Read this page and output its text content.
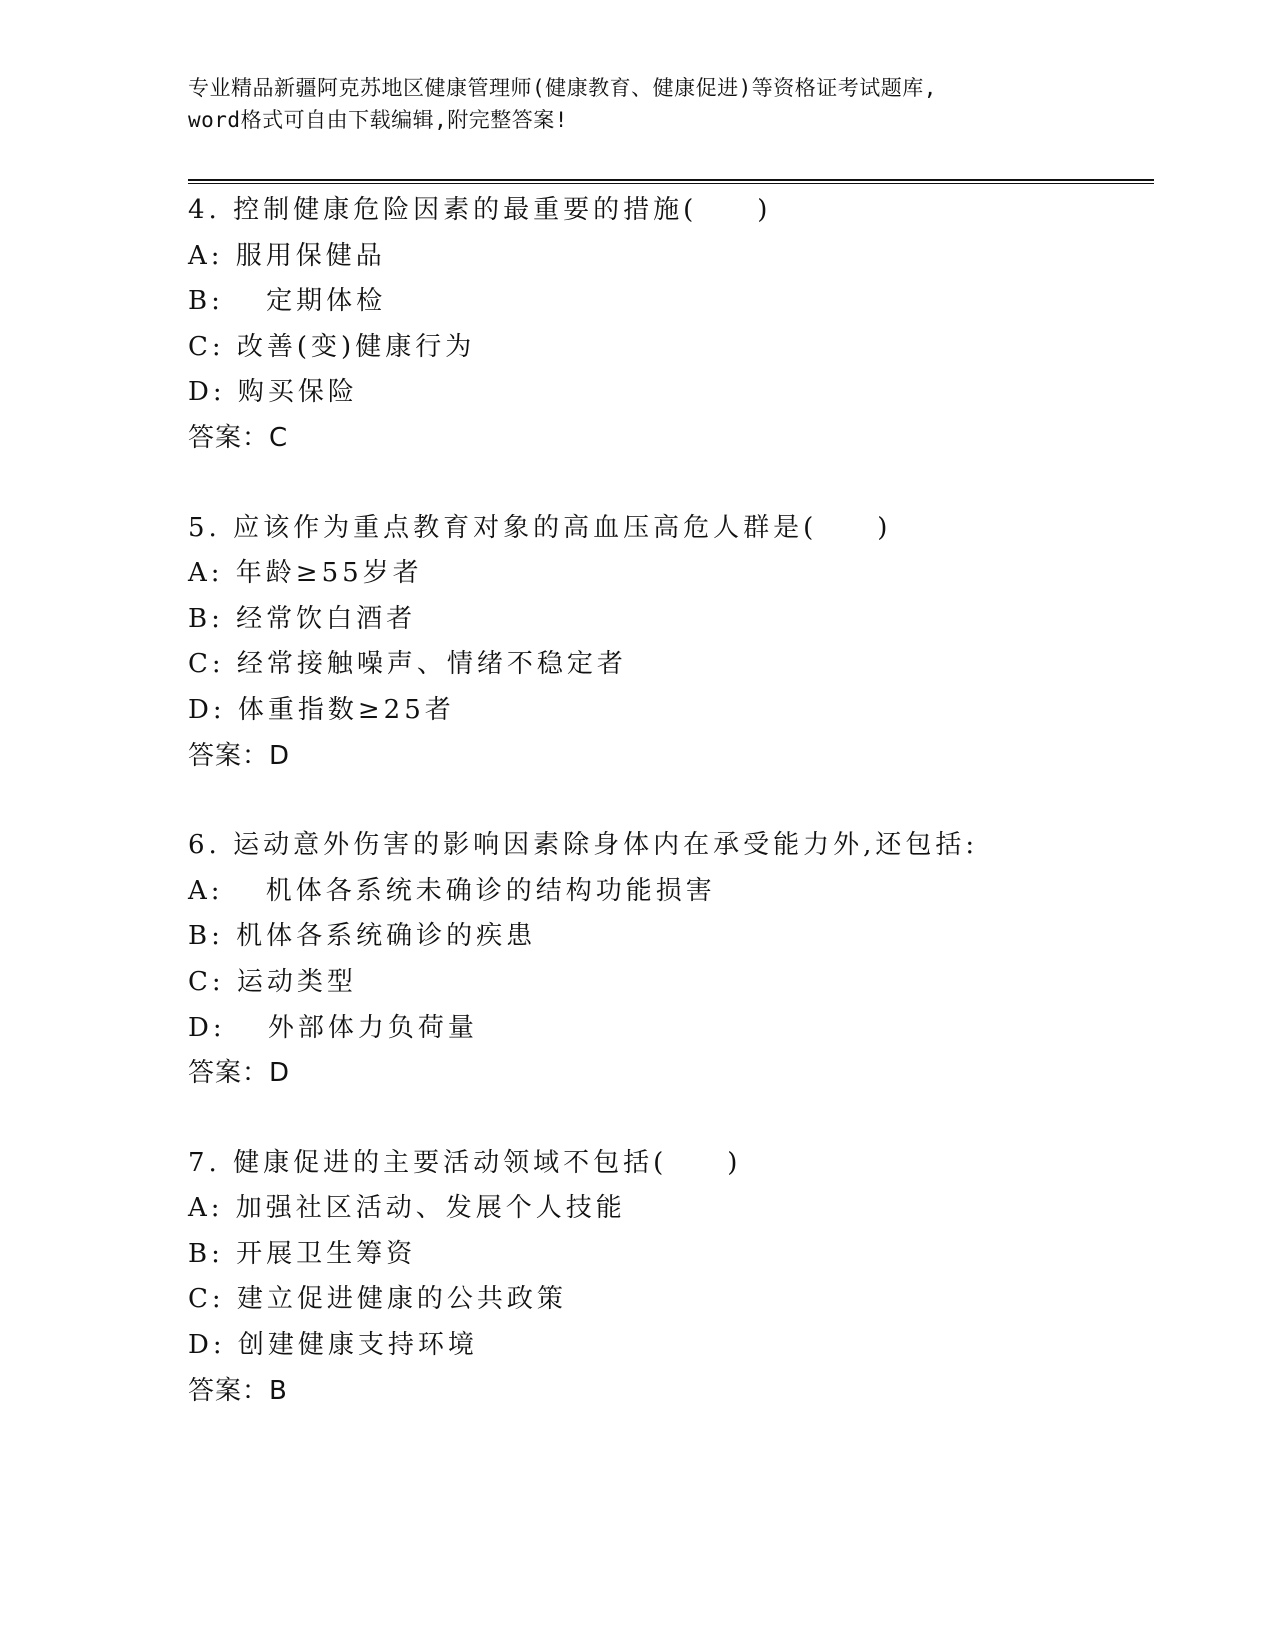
专业精品新疆阿克苏地区健康管理师(健康教育、健康促进)等资格证考试题库,
word格式可自由下载编辑,附完整答案!
4. 控制健康危险因素的最重要的措施(　　)
A: 服用保健品
B: 　定期体检
C: 改善(变)健康行为
D: 购买保险
答案：C
5. 应该作为重点教育对象的高血压高危人群是(　　)
A: 年龄≥55岁者
B: 经常饮白酒者
C: 经常接触噪声、情绪不稳定者
D: 体重指数≥25者
答案：D
6. 运动意外伤害的影响因素除身体内在承受能力外,还包括:
A: 　机体各系统未确诊的结构功能损害
B: 机体各系统确诊的疾患
C: 运动类型
D: 　外部体力负荷量
答案：D
7. 健康促进的主要活动领域不包括(　　)
A: 加强社区活动、发展个人技能
B: 开展卫生筹资
C: 建立促进健康的公共政策
D: 创建健康支持环境
答案：B
